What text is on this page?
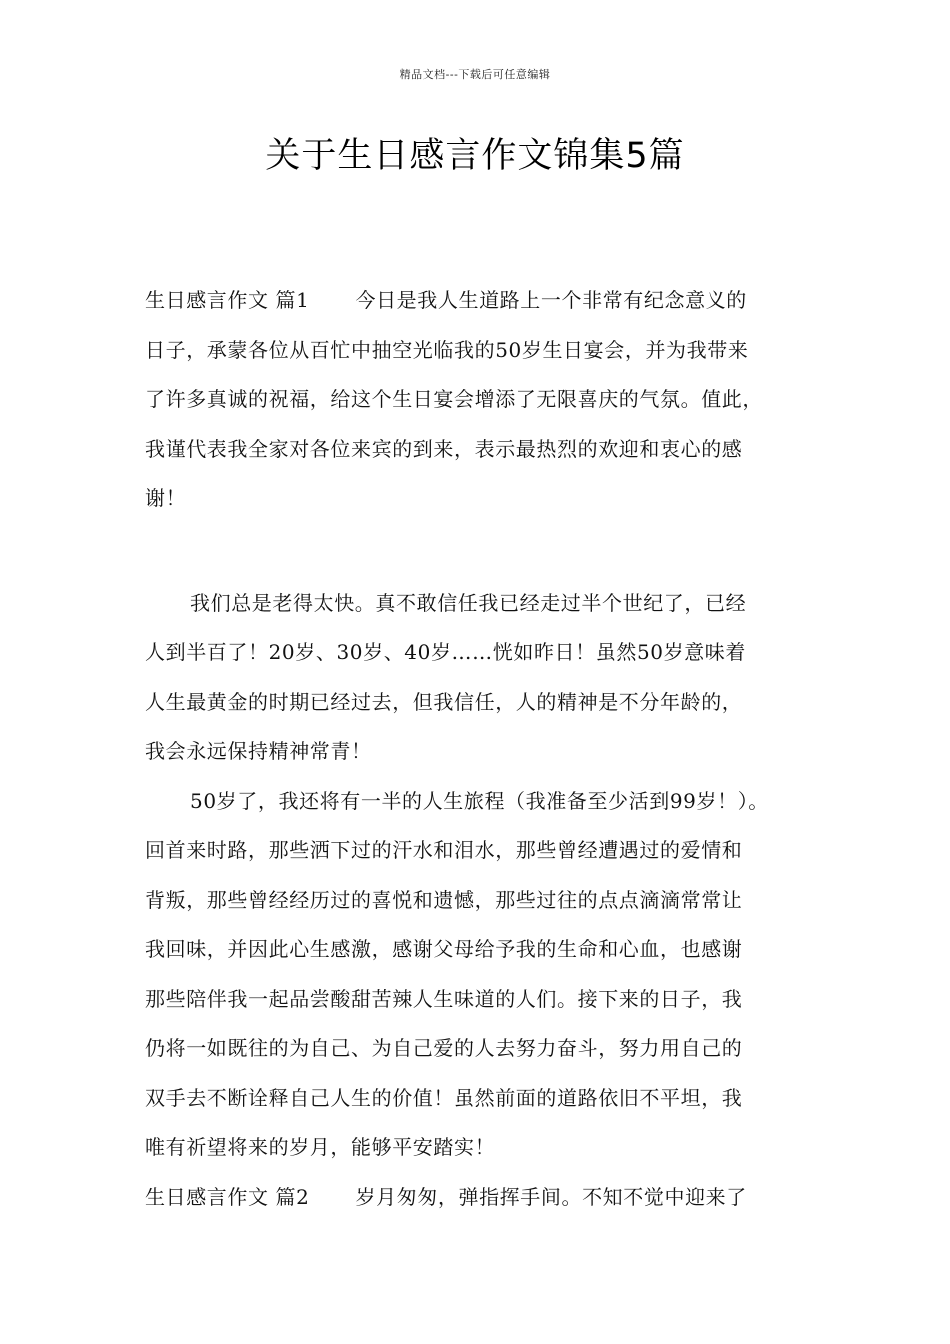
精品文档---下载后可任意编辑
关于生日感言作文锦集5篇
生日感言作文 篇1 今日是我人生道路上一个非常有纪念意义的
日子，承蒙各位从百忙中抽空光临我的50岁生日宴会，并为我带来
了许多真诚的祝福，给这个生日宴会增添了无限喜庆的气氛。值此，
我谨代表我全家对各位来宾的到来，表示最热烈的欢迎和衷心的感
谢！
我们总是老得太快。真不敢信任我已经走过半个世纪了，已经
人到半百了！20岁、30岁、40岁……恍如昨日！虽然50岁意味着
人生最黄金的时期已经过去，但我信任，人的精神是不分年龄的，
我会永远保持精神常青！
50岁了，我还将有一半的人生旅程（我准备至少活到99岁！）。
回首来时路，那些洒下过的汗水和泪水，那些曾经遭遇过的爱情和
背叛，那些曾经经历过的喜悦和遗憾，那些过往的点点滴滴常常让
我回味，并因此心生感激，感谢父母给予我的生命和心血，也感谢
那些陪伴我一起品尝酸甜苦辣人生味道的人们。接下来的日子，我
仍将一如既往的为自己、为自己爱的人去努力奋斗，努力用自己的
双手去不断诠释自己人生的价值！虽然前面的道路依旧不平坦，我
唯有祈望将来的岁月，能够平安踏实！
生日感言作文 篇2 岁月匆匆，弹指挥手间。不知不觉中迎来了
